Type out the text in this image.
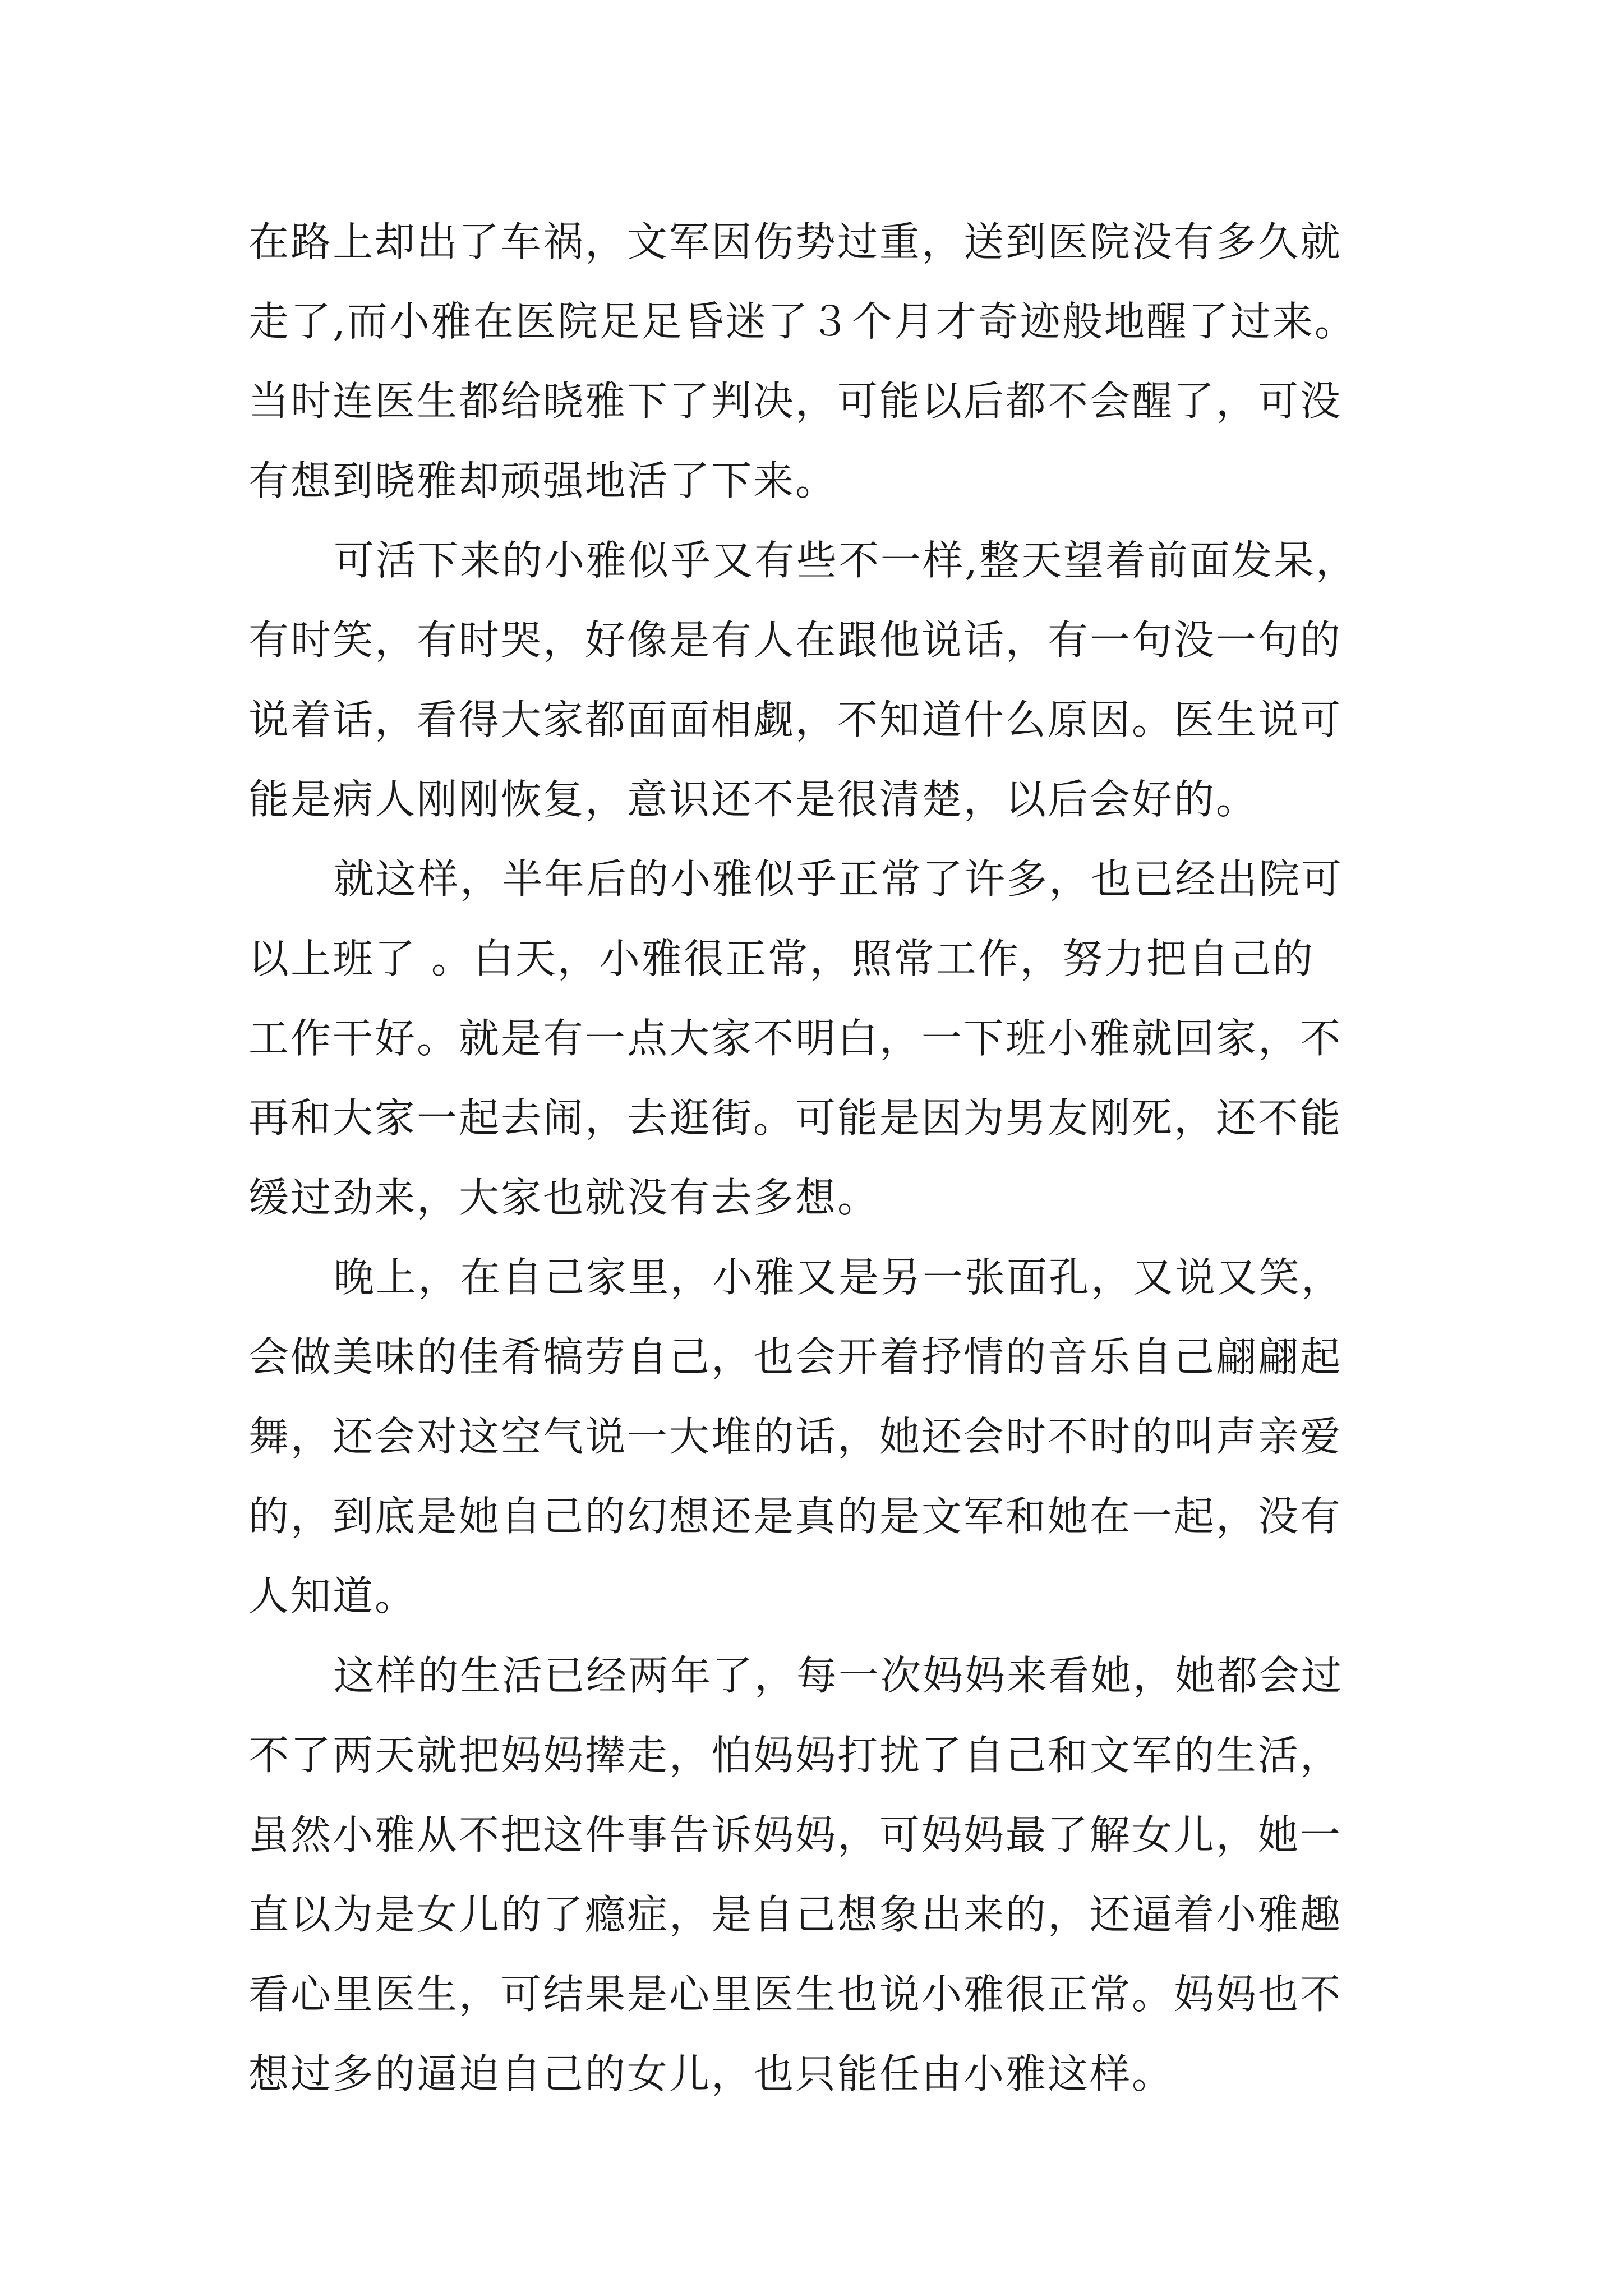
在路上却出了车祸，文军因伤势过重，送到医院没有多久就
走了,而小雅在医院足足昏迷了３个月才奇迹般地醒了过来。
当时连医生都给晓雅下了判决，可能以后都不会醒了，可没
有想到晓雅却顽强地活了下来。
可活下来的小雅似乎又有些不一样,整天望着前面发呆，
有时笑，有时哭，好像是有人在跟他说话，有一句没一句的
说着话，看得大家都面面相觑，不知道什么原因。医生说可
能是病人刚刚恢复，意识还不是很清楚，以后会好的。
就这样，半年后的小雅似乎正常了许多，也已经出院可
以上班了 。白天，小雅很正常，照常工作，努力把自己的
工作干好。就是有一点大家不明白，一下班小雅就回家，不
再和大家一起去闹，去逛街。可能是因为男友刚死，还不能
缓过劲来，大家也就没有去多想。
晚上，在自己家里，小雅又是另一张面孔，又说又笑，
会做美味的佳肴犒劳自己，也会开着抒情的音乐自己翩翩起
舞，还会对这空气说一大堆的话，她还会时不时的叫声亲爱
的，到底是她自己的幻想还是真的是文军和她在一起，没有
人知道。
这样的生活已经两年了，每一次妈妈来看她，她都会过
不了两天就把妈妈撵走，怕妈妈打扰了自己和文军的生活，
虽然小雅从不把这件事告诉妈妈，可妈妈最了解女儿，她一
直以为是女儿的了瘾症，是自己想象出来的，还逼着小雅趣
看心里医生，可结果是心里医生也说小雅很正常。妈妈也不
想过多的逼迫自己的女儿，也只能任由小雅这样。
